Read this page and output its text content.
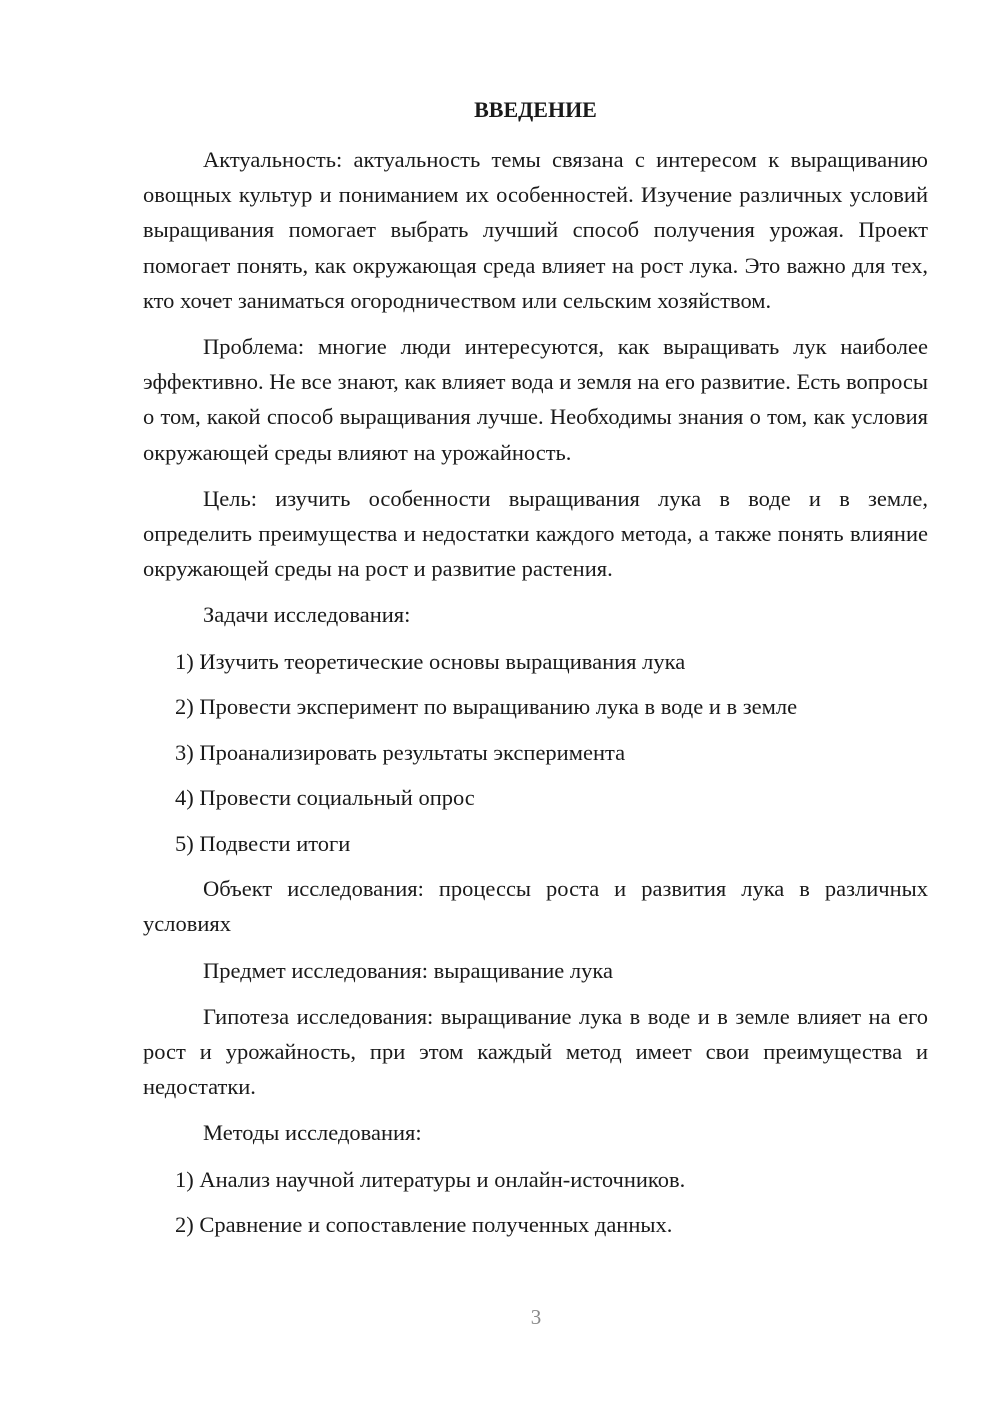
ВВЕДЕНИЕ

Актуальность: актуальность темы связана с интересом к выращиванию овощных культур и пониманием их особенностей. Изучение различных условий выращивания помогает выбрать лучший способ получения урожая. Проект помогает понять, как окружающая среда влияет на рост лука. Это важно для тех, кто хочет заниматься огородничеством или сельским хозяйством.

Проблема: многие люди интересуются, как выращивать лук наиболее эффективно. Не все знают, как влияет вода и земля на его развитие. Есть вопросы о том, какой способ выращивания лучше. Необходимы знания о том, как условия окружающей среды влияют на урожайность.

Цель: изучить особенности выращивания лука в воде и в земле, определить преимущества и недостатки каждого метода, а также понять влияние окружающей среды на рост и развитие растения.

Задачи исследования:

1) Изучить теоретические основы выращивания лука

2) Провести эксперимент по выращиванию лука в воде и в земле

3) Проанализировать результаты эксперимента

4) Провести социальный опрос

5) Подвести итоги

Объект исследования: процессы роста и развития лука в различных условиях

Предмет исследования: выращивание лука

Гипотеза исследования: выращивание лука в воде и в земле влияет на его рост и урожайность, при этом каждый метод имеет свои преимущества и недостатки.

Методы исследования:

1) Анализ научной литературы и онлайн-источников.

2) Сравнение и сопоставление полученных данных.

3
